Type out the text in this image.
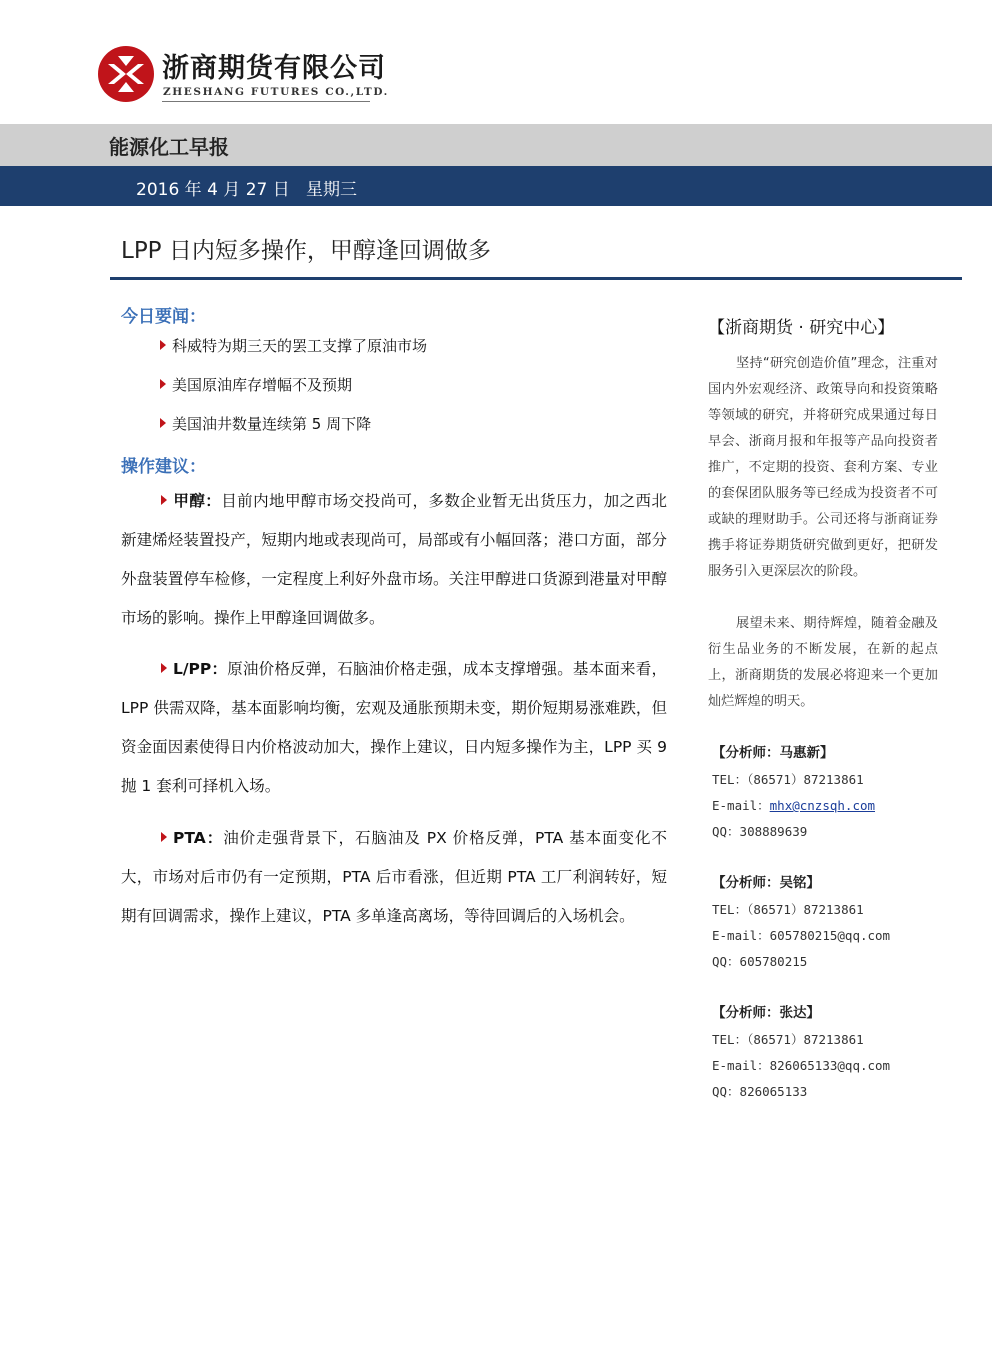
浙商期货有限公司
ZHESHANG FUTURES CO.,LTD.
能源化工早报
2016 年 4 月 27 日   星期三
LPP 日内短多操作，甲醇逢回调做多
今日要闻：
科威特为期三天的罢工支撑了原油市场
美国原油库存增幅不及预期
美国油井数量连续第 5 周下降
操作建议：
甲醇：目前内地甲醇市场交投尚可，多数企业暂无出货压力，加之西北新建烯烃装置投产，短期内地或表现尚可，局部或有小幅回落；港口方面，部分外盘装置停车检修，一定程度上利好外盘市场。关注甲醇进口货源到港量对甲醇市场的影响。操作上甲醇逢回调做多。
L/PP：原油价格反弹，石脑油价格走强，成本支撑增强。基本面来看，LPP 供需双降，基本面影响均衡，宏观及通胀预期未变，期价短期易涨难跌，但资金面因素使得日内价格波动加大，操作上建议，日内短多操作为主，LPP 买 9 抛 1 套利可择机入场。
PTA：油价走强背景下，石脑油及 PX 价格反弹，PTA 基本面变化不大，市场对后市仍有一定预期，PTA 后市看涨，但近期 PTA 工厂利润转好，短期有回调需求，操作上建议，PTA 多单逢高离场，等待回调后的入场机会。
【浙商期货 · 研究中心】
坚持“研究创造价值”理念，注重对国内外宏观经济、政策导向和投资策略等领域的研究，并将研究成果通过每日早会、浙商月报和年报等产品向投资者推广，不定期的投资、套利方案、专业的套保团队服务等已经成为投资者不可或缺的理财助手。公司还将与浙商证券携手将证券期货研究做到更好，把研发服务引入更深层次的阶段。
展望未来、期待辉煌，随着金融及衍生品业务的不断发展，在新的起点上，浙商期货的发展必将迎来一个更加灿烂辉煌的明天。
【分析师：马惠新】
TEL：（86571）87213861
E-mail：mhx@cnzsqh.com
QQ：308889639
【分析师：吴铭】
TEL：（86571）87213861
E-mail：605780215@qq.com
QQ：605780215
【分析师：张达】
TEL：（86571）87213861
E-mail：826065133@qq.com
QQ：826065133
